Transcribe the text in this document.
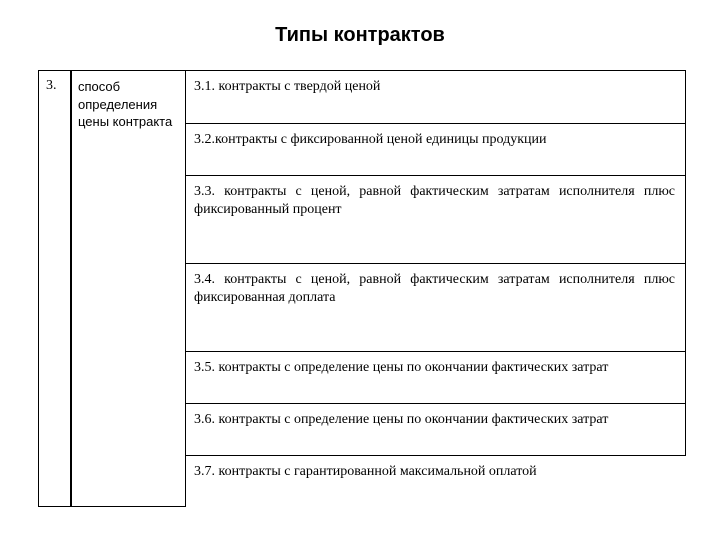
Типы контрактов
3. способ определения цены контракта
3.1. контракты с твердой ценой
3.2.контракты с фиксированной ценой единицы продукции
3.3. контракты с ценой, равной фактическим затратам исполнителя плюс фиксированный процент
3.4. контракты с ценой, равной фактическим затратам исполнителя плюс фиксированная доплата
3.5. контракты с определение цены по окончании фактических затрат
3.6. контракты с определение цены по окончании фактических затрат
3.7. контракты с гарантированной максимальной оплатой
